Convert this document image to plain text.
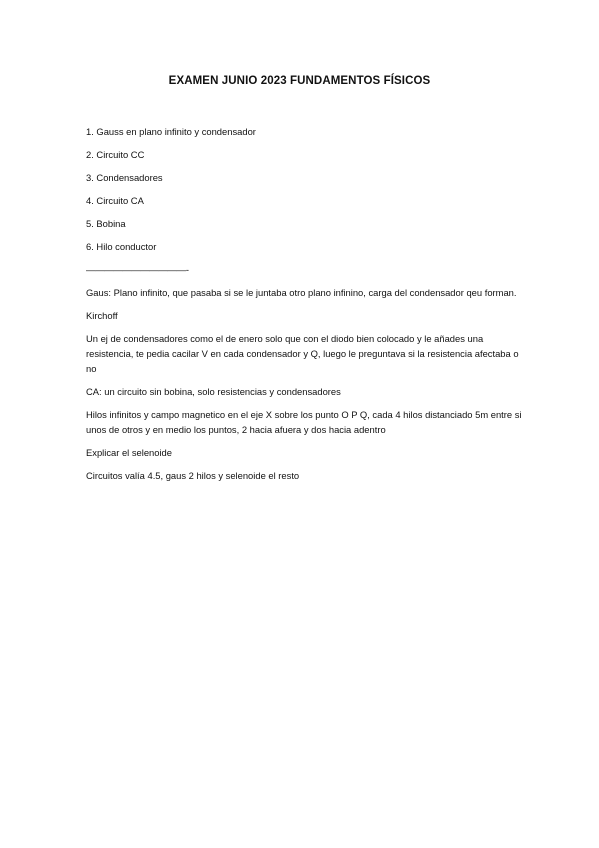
EXAMEN JUNIO 2023 FUNDAMENTOS FÍSICOS
1. Gauss en plano infinito y condensador
2. Circuito CC
3. Condensadores
4. Circuito CA
5. Bobina
6. Hilo conductor
———————————-
Gaus: Plano infinito, que pasaba si se le juntaba otro plano infinino, carga del condensador qeu forman.
Kirchoff
Un ej de condensadores como el de enero solo que con el diodo bien colocado y le añades una resistencia, te pedia cacilar V en cada condensador y Q, luego le preguntava si la resistencia afectaba o no
CA: un circuito sin bobina, solo resistencias y condensadores
Hilos infinitos y campo magnetico en el eje X sobre los punto O P Q, cada 4 hilos distanciado 5m entre si unos de otros y en medio los puntos, 2 hacia afuera y dos hacia adentro
Explicar el selenoide
Circuitos valía 4.5, gaus 2 hilos y selenoide el resto
